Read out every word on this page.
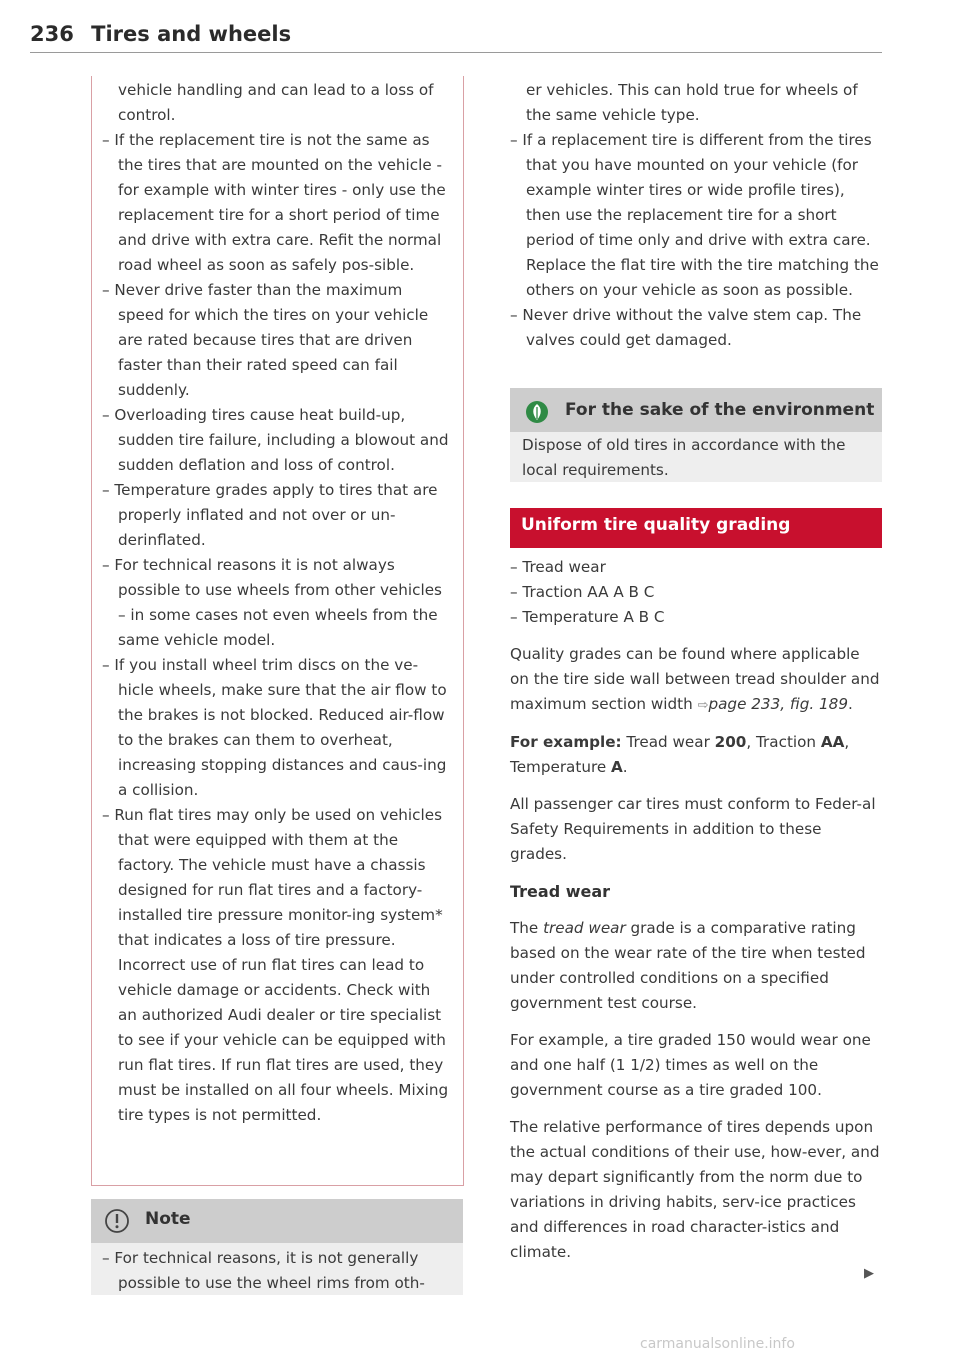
236 Tires and wheels

vehicle handling and can lead to a loss of control.

– If the replacement tire is not the same as the tires that are mounted on the vehicle - for example with winter tires - only use the replacement tire for a short period of time and drive with extra care. Refit the normal road wheel as soon as safely pos-sible.

– Never drive faster than the maximum speed for which the tires on your vehicle are rated because tires that are driven faster than their rated speed can fail suddenly.

– Overloading tires cause heat build-up, sudden tire failure, including a blowout and sudden deflation and loss of control.

– Temperature grades apply to tires that are properly inflated and not over or un-derinflated.

– For technical reasons it is not always possible to use wheels from other vehicles – in some cases not even wheels from the same vehicle model.

– If you install wheel trim discs on the ve-hicle wheels, make sure that the air flow to the brakes is not blocked. Reduced air-flow to the brakes can them to overheat, increasing stopping distances and caus-ing a collision.

– Run flat tires may only be used on vehicles that were equipped with them at the factory. The vehicle must have a chassis designed for run flat tires and a factory-installed tire pressure monitor-ing system* that indicates a loss of tire pressure. Incorrect use of run flat tires can lead to vehicle damage or accidents. Check with an authorized Audi dealer or tire specialist to see if your vehicle can be equipped with run flat tires. If run flat tires are used, they must be installed on all four wheels. Mixing tire types is not permitted.

Note

– For technical reasons, it is not generally possible to use the wheel rims from oth-

er vehicles. This can hold true for wheels of the same vehicle type.

– If a replacement tire is different from the tires that you have mounted on your vehicle (for example winter tires or wide profile tires), then use the replacement tire for a short period of time only and drive with extra care. Replace the flat tire with the tire matching the others on your vehicle as soon as possible.

– Never drive without the valve stem cap. The valves could get damaged.

For the sake of the environment
Dispose of old tires in accordance with the local requirements.
Uniform tire quality grading

– Tread wear

– Traction AA A B C

– Temperature A B C

Quality grades can be found where applicable on the tire side wall between tread shoulder and maximum section width ⇨page 233, fig. 189.

For example: Tread wear 200, Traction AA, Temperature A.

All passenger car tires must conform to Feder-al Safety Requirements in addition to these grades.

Tread wear

The tread wear grade is a comparative rating based on the wear rate of the tire when tested under controlled conditions on a specified government test course.

For example, a tire graded 150 would wear one and one half (1 1/2) times as well on the government course as a tire graded 100.

The relative performance of tires depends upon the actual conditions of their use, how-ever, and may depart significantly from the norm due to variations in driving habits, serv-ice practices and differences in road character-istics and climate.

▶
carmanualsonline.info
